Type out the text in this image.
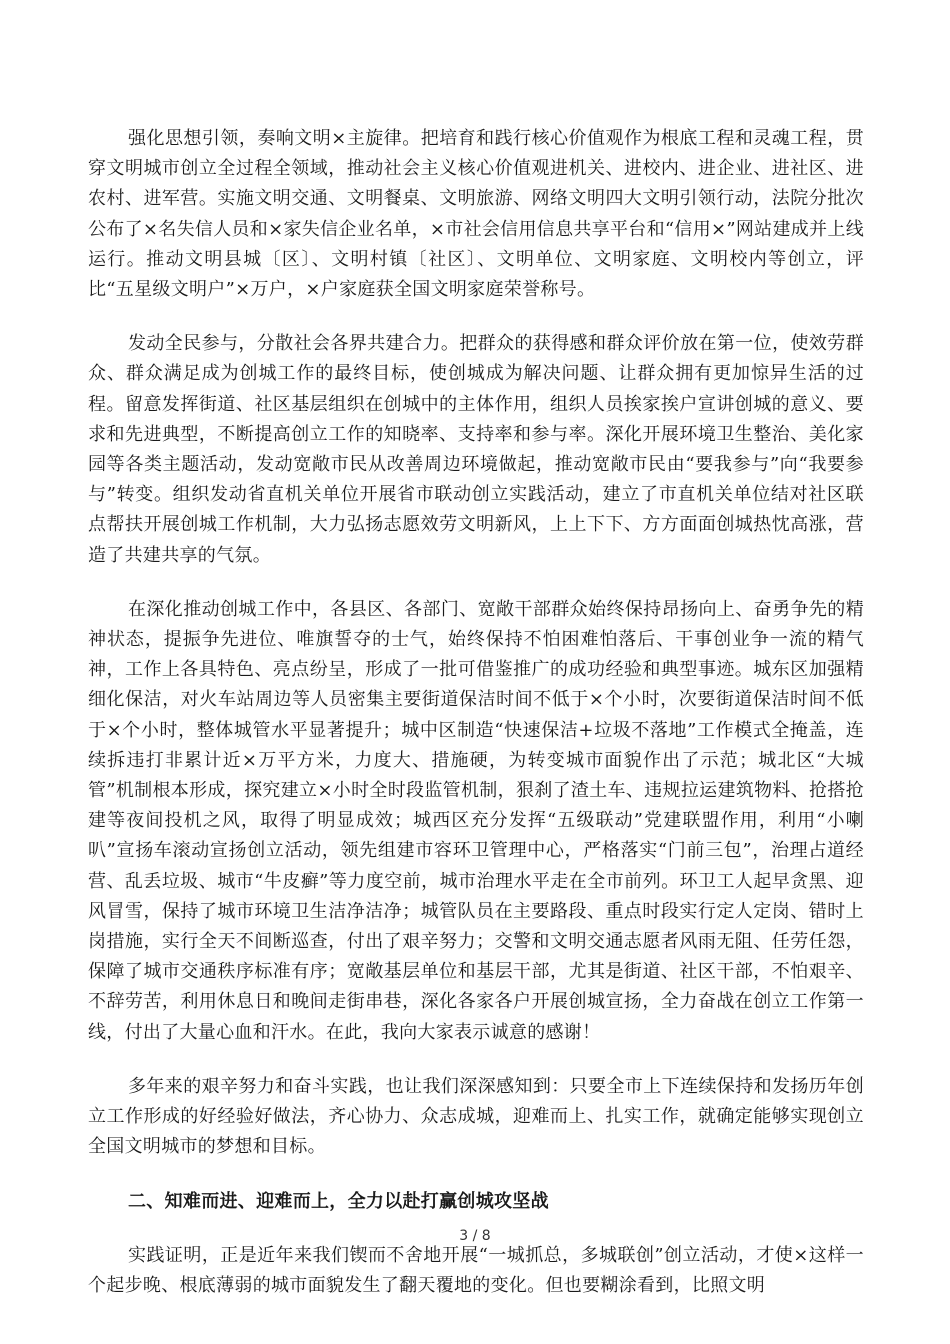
强化思想引领，奏响文明×主旋律。把培育和践行核心价值观作为根底工程和灵魂工程，贯穿文明城市创立全过程全领域，推动社会主义核心价值观进机关、进校内、进企业、进社区、进农村、进军营。实施文明交通、文明餐桌、文明旅游、网络文明四大文明引领行动，法院分批次公布了×名失信人员和×家失信企业名单，×市社会信用信息共享平台和“信用×”网站建成并上线运行。推动文明县城〔区〕、文明村镇〔社区〕、文明单位、文明家庭、文明校内等创立，评比“五星级文明户”×万户，×户家庭获全国文明家庭荣誉称号。

发动全民参与，分散社会各界共建合力。把群众的获得感和群众评价放在第一位，使效劳群众、群众满足成为创城工作的最终目标，使创城成为解决问题、让群众拥有更加惊异生活的过程。留意发挥街道、社区基层组织在创城中的主体作用，组织人员挨家挨户宣讲创城的意义、要求和先进典型，不断提高创立工作的知晓率、支持率和参与率。深化开展环境卫生整治、美化家园等各类主题活动，发动宽敞市民从改善周边环境做起，推动宽敞市民由“要我参与”向“我要参与”转变。组织发动省直机关单位开展省市联动创立实践活动，建立了市直机关单位结对社区联点帮扶开展创城工作机制，大力弘扬志愿效劳文明新风，上上下下、方方面面创城热忱高涨，营造了共建共享的气氛。

在深化推动创城工作中，各县区、各部门、宽敞干部群众始终保持昂扬向上、奋勇争先的精神状态，提振争先进位、唯旗誓夺的士气，始终保持不怕困难怕落后、干事创业争一流的精气神，工作上各具特色、亮点纷呈，形成了一批可借鉴推广的成功经验和典型事迹。城东区加强精细化保洁，对火车站周边等人员密集主要街道保洁时间不低于×个小时，次要街道保洁时间不低于×个小时，整体城管水平显著提升；城中区制造“快速保洁+垃圾不落地”工作模式全掩盖，连续拆违打非累计近×万平方米，力度大、措施硬，为转变城市面貌作出了示范；城北区“大城管”机制根本形成，探究建立×小时全时段监管机制，狠刹了渣土车、违规拉运建筑物料、抢搭抢建等夜间投机之风，取得了明显成效；城西区充分发挥“五级联动”党建联盟作用，利用“小喇叭”宣扬车滚动宣扬创立活动，领先组建市容环卫管理中心，严格落实“门前三包”，治理占道经营、乱丢垃圾、城市“牛皮癣”等力度空前，城市治理水平走在全市前列。环卫工人起早贪黑、迎风冒雪，保持了城市环境卫生洁净洁净；城管队员在主要路段、重点时段实行定人定岗、错时上岗措施，实行全天不间断巡查，付出了艰辛努力；交警和文明交通志愿者风雨无阻、任劳任怨，保障了城市交通秩序标准有序；宽敞基层单位和基层干部，尤其是街道、社区干部，不怕艰辛、不辞劳苦，利用休息日和晚间走街串巷，深化各家各户开展创城宣扬，全力奋战在创立工作第一线，付出了大量心血和汗水。在此，我向大家表示诚意的感谢！

多年来的艰辛努力和奋斗实践，也让我们深深感知到：只要全市上下连续保持和发扬历年创立工作形成的好经验好做法，齐心协力、众志成城，迎难而上、扎实工作，就确定能够实现创立全国文明城市的梦想和目标。

二、知难而进、迎难而上，全力以赴打赢创城攻坚战

实践证明，正是近年来我们锲而不舍地开展“一城抓总，多城联创”创立活动，才使×这样一个起步晚、根底薄弱的城市面貌发生了翻天覆地的变化。但也要糊涂看到，比照文明

3 / 8
